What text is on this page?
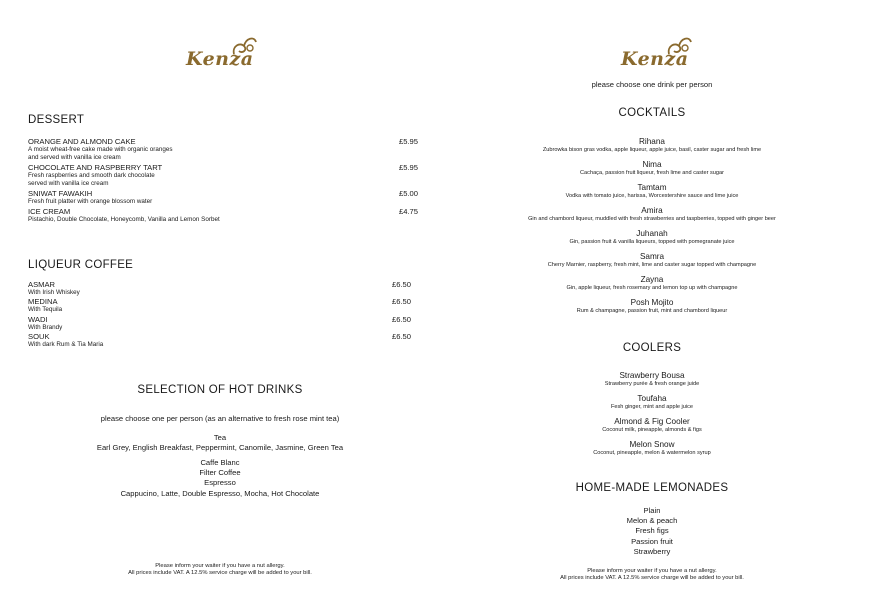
Kenza	Kenza
DESSERT
ORANGE AND ALMOND CAKE
A moist wheat-free cake made with organic oranges
and served with vanilla ice cream
£5.95
CHOCOLATE AND RASPBERRY TART
Fresh raspberries and smooth dark chocolate
served with vanilla ice cream
£5.95
SNIWAT FAWAKIH
Fresh fruit platter with orange blossom water
£5.00
ICE CREAM
Pistachio, Double Chocolate, Honeycomb, Vanilla and Lemon Sorbet
£4.75
LIQUEUR COFFEE
ASMAR
With Irish Whiskey
£6.50
MEDINA
With Tequila
£6.50
WADI
With Brandy
£6.50
SOUK
With dark Rum & Tia Maria
£6.50
SELECTION OF HOT DRINKS
please choose one per person (as an alternative to fresh rose mint tea)
Tea
Earl Grey, English Breakfast, Peppermint, Canomile, Jasmine, Green Tea
Caffe Blanc
Filter Coffee
Espresso
Cappucino, Latte, Double Espresso, Mocha, Hot Chocolate
Please inform your waiter if you have a nut allergy.
All prices include VAT. A 12.5% service charge will be added to your bill.
please choose one drink per person
COCKTAILS
Rihana
Zubrowka bison gras vodka, apple liqueur, apple juice, basil, caster sugar and fresh lime
Nima
Cachaça, passion fruit liqueur, fresh lime and caster sugar
Tamtam
Vodka with tomato juice, harissa, Worcestershire sauce and lime juice
Amira
Gin and chambord liqueur, muddled with fresh strawberries and taspberries, topped with ginger beer
Juhanah
Gin, passion fruit & vanilla liqueurs, topped with pomegranate juice
Samra
Cherry Marnier, raspberry, fresh mint, lime and caster sugar topped with champagne
Zayna
Gin, apple liqueur, fresh rosemary and lemon top up with champagne
Posh Mojito
Rum & champagne, passion fruit, mint and chambord liqueur
COOLERS
Strawberry Bousa
Strawberry purée & fresh orange juide
Toufaha
Fesh ginger, mint and apple juice
Almond & Fig Cooler
Coconut milk, pineapple, almonds & figs
Melon Snow
Coconut, pineapple, melon & watermelon syrup
HOME-MADE LEMONADES
Plain
Melon & peach
Fresh figs
Passion fruit
Strawberry
Please inform your waiter if you have a nut allergy.
All prices include VAT. A 12.5% service charge will be added to your bill.
